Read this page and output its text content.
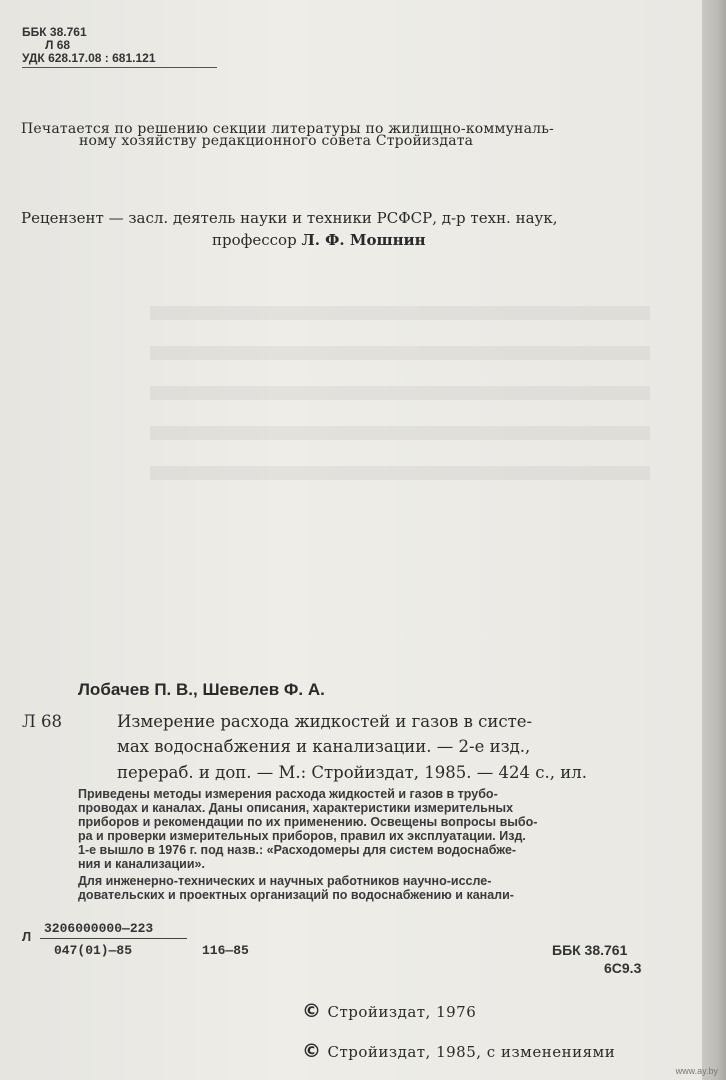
ББК 38.761
Л 68
УДК 628.17.08 : 681.121
Печатается по решению секции литературы по жилищно-коммуналь-
ному хозяйству редакционного совета Стройиздата
Рецензент — засл. деятель науки и техники РСФСР, д-р техн. наук,
профессор Л. Ф. Мошнин
Лобачев П. В., Шевелев Ф. А.
Л 68	Измерение расхода жидкостей и газов в систе-
мах водоснабжения и канализации. — 2-е изд.,
перераб. и доп. — М.: Стройиздат, 1985. — 424 с., ил.
Приведены методы измерения расхода жидкостей и газов в трубо-
проводах и каналах. Даны описания, характеристики измерительных
приборов и рекомендации по их применению. Освещены вопросы выбо-
ра и проверки измерительных приборов, правил их эксплуатации. Изд.
1-е вышло в 1976 г. под назв.: «Расходомеры для систем водоснабже-
ния и канализации».
Для инженерно-технических и научных работников научно-иссле-
довательских и проектных организаций по водоснабжению и канали-
Л
3206000000—223
047(01)—85	116—85	ББК 38.761
6С9.3
© Стройиздат, 1976
© Стройиздат, 1985, с изменениями
www.ay.by
